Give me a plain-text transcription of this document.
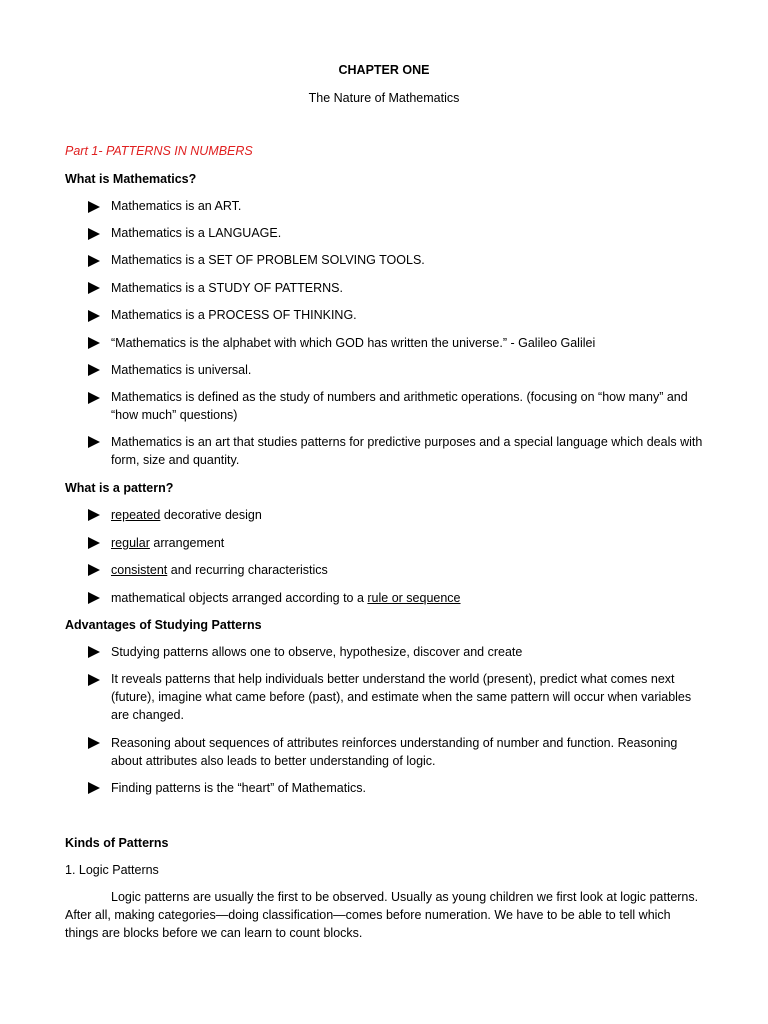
CHAPTER ONE
The Nature of Mathematics
Part 1- PATTERNS IN NUMBERS
What is Mathematics?
Mathematics is an ART.
Mathematics is a LANGUAGE.
Mathematics is a SET OF PROBLEM SOLVING TOOLS.
Mathematics is a STUDY OF PATTERNS.
Mathematics is a PROCESS OF THINKING.
“Mathematics is the alphabet with which GOD has written the universe.” - Galileo Galilei
Mathematics is universal.
Mathematics is defined as the study of numbers and arithmetic operations. (focusing on “how many” and “how much” questions)
Mathematics is an art that studies patterns for predictive purposes and a special language which deals with form, size and quantity.
What is a pattern?
repeated decorative design
regular arrangement
consistent and recurring characteristics
mathematical objects arranged according to a rule or sequence
Advantages of Studying Patterns
Studying patterns allows one to observe, hypothesize, discover and create
It reveals patterns that help individuals better understand the world (present), predict what comes next (future), imagine what came before (past), and estimate when the same pattern will occur when variables are changed.
Reasoning about sequences of attributes reinforces understanding of number and function. Reasoning about attributes also leads to better understanding of logic.
Finding patterns is the “heart” of Mathematics.
Kinds of Patterns
1. Logic Patterns
Logic patterns are usually the first to be observed. Usually as young children we first look at logic patterns. After all, making categories—doing classification—comes before numeration. We have to be able to tell which things are blocks before we can learn to count blocks.
